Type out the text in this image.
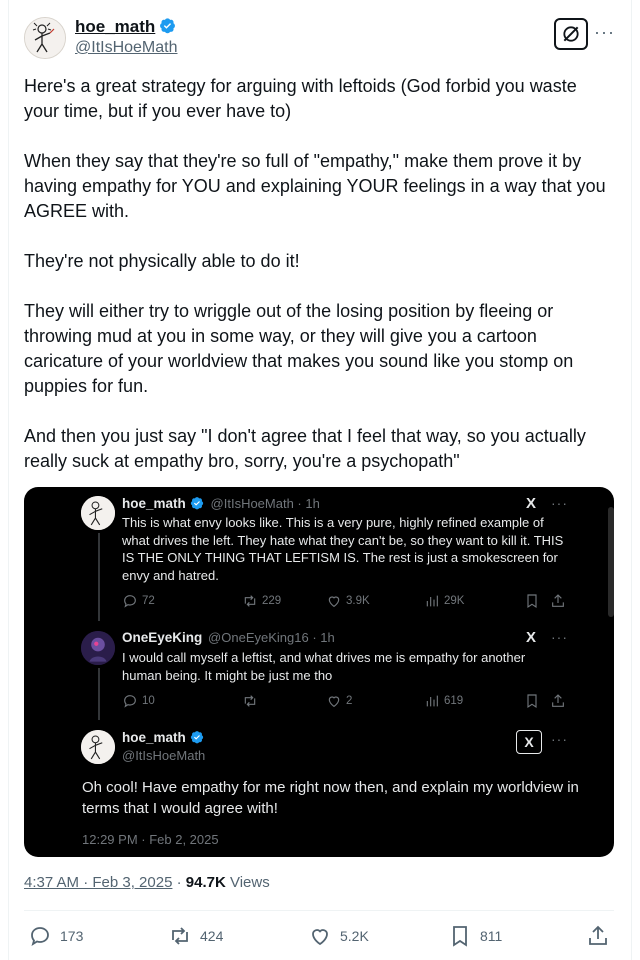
hoe_math
@ItIsHoeMath
···
Here's a great strategy for arguing with leftoids (God forbid you waste your time, but if you ever have to)

When they say that they're so full of "empathy," make them prove it by having empathy for YOU and explaining YOUR feelings in a way that you AGREE with.

They're not physically able to do it!

They will either try to wriggle out of the losing position by fleeing or throwing mud at you in some way, or they will give you a cartoon caricature of your worldview that makes you sound like you stomp on puppies for fun.

And then you just say "I don't agree that I feel that way, so you actually really suck at empathy bro, sorry, you're a psychopath"
hoe_math @ItIsHoeMath · 1h	X ···
This is what envy looks like. This is a very pure, highly refined example of what drives the left. They hate what they can't be, so they want to kill it. THIS IS THE ONLY THING THAT LEFTISM IS. The rest is just a smokescreen for envy and hatred.
72	229	3.9K	29K
OneEyeKing @OneEyeKing16 · 1h	X ···
I would call myself a leftist, and what drives me is empathy for another human being. It might be just me tho
10	2	619
hoe_math
@ItIsHoeMath
X ···
Oh cool! Have empathy for me right now then, and explain my worldview in terms that I would agree with!
12:29 PM · Feb 2, 2025
4:37 AM · Feb 3, 2025 · 94.7K Views
173	424	5.2K	811
